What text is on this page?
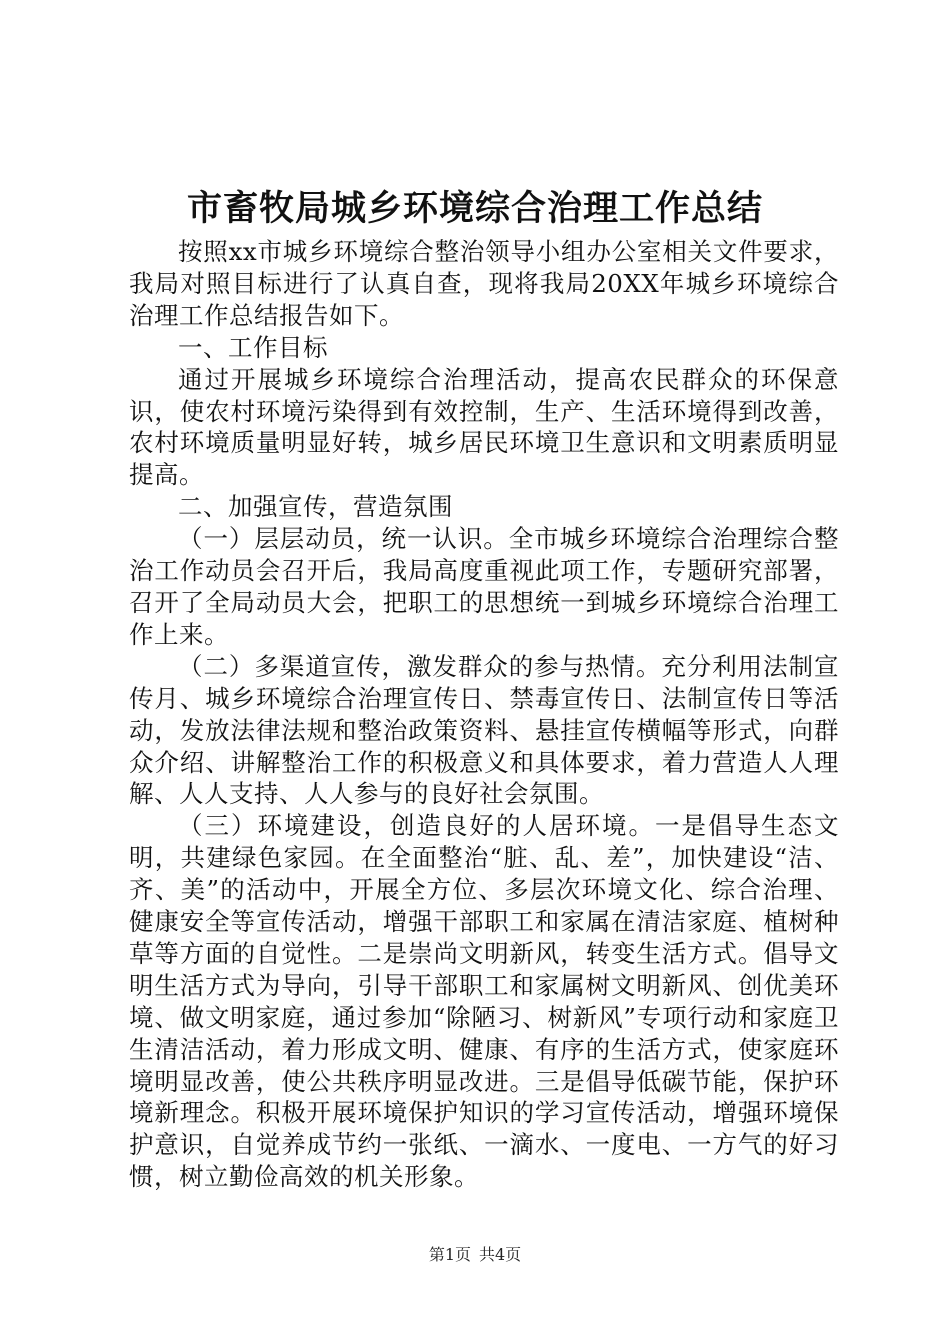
市畜牧局城乡环境综合治理工作总结

按照xx市城乡环境综合整治领导小组办公室相关文件要求，我局对照目标进行了认真自查，现将我局20XX年城乡环境综合治理工作总结报告如下。

一、工作目标

通过开展城乡环境综合治理活动，提高农民群众的环保意识，使农村环境污染得到有效控制，生产、生活环境得到改善，农村环境质量明显好转，城乡居民环境卫生意识和文明素质明显提高。

二、加强宣传，营造氛围

（一）层层动员，统一认识。全市城乡环境综合治理综合整治工作动员会召开后，我局高度重视此项工作，专题研究部署，召开了全局动员大会，把职工的思想统一到城乡环境综合治理工作上来。

（二）多渠道宣传，激发群众的参与热情。充分利用法制宣传月、城乡环境综合治理宣传日、禁毒宣传日、法制宣传日等活动，发放法律法规和整治政策资料、悬挂宣传横幅等形式，向群众介绍、讲解整治工作的积极意义和具体要求，着力营造人人理解、人人支持、人人参与的良好社会氛围。

（三）环境建设，创造良好的人居环境。一是倡导生态文明，共建绿色家园。在全面整治“脏、乱、差”，加快建设“洁、齐、美”的活动中，开展全方位、多层次环境文化、综合治理、健康安全等宣传活动，增强干部职工和家属在清洁家庭、植树种草等方面的自觉性。二是崇尚文明新风，转变生活方式。倡导文明生活方式为导向，引导干部职工和家属树文明新风、创优美环境、做文明家庭，通过参加“除陋习、树新风”专项行动和家庭卫生清洁活动，着力形成文明、健康、有序的生活方式，使家庭环境明显改善，使公共秩序明显改进。三是倡导低碳节能，保护环境新理念。积极开展环境保护知识的学习宣传活动，增强环境保护意识，自觉养成节约一张纸、一滴水、一度电、一方气的好习惯，树立勤俭高效的机关形象。

第1页 共4页
